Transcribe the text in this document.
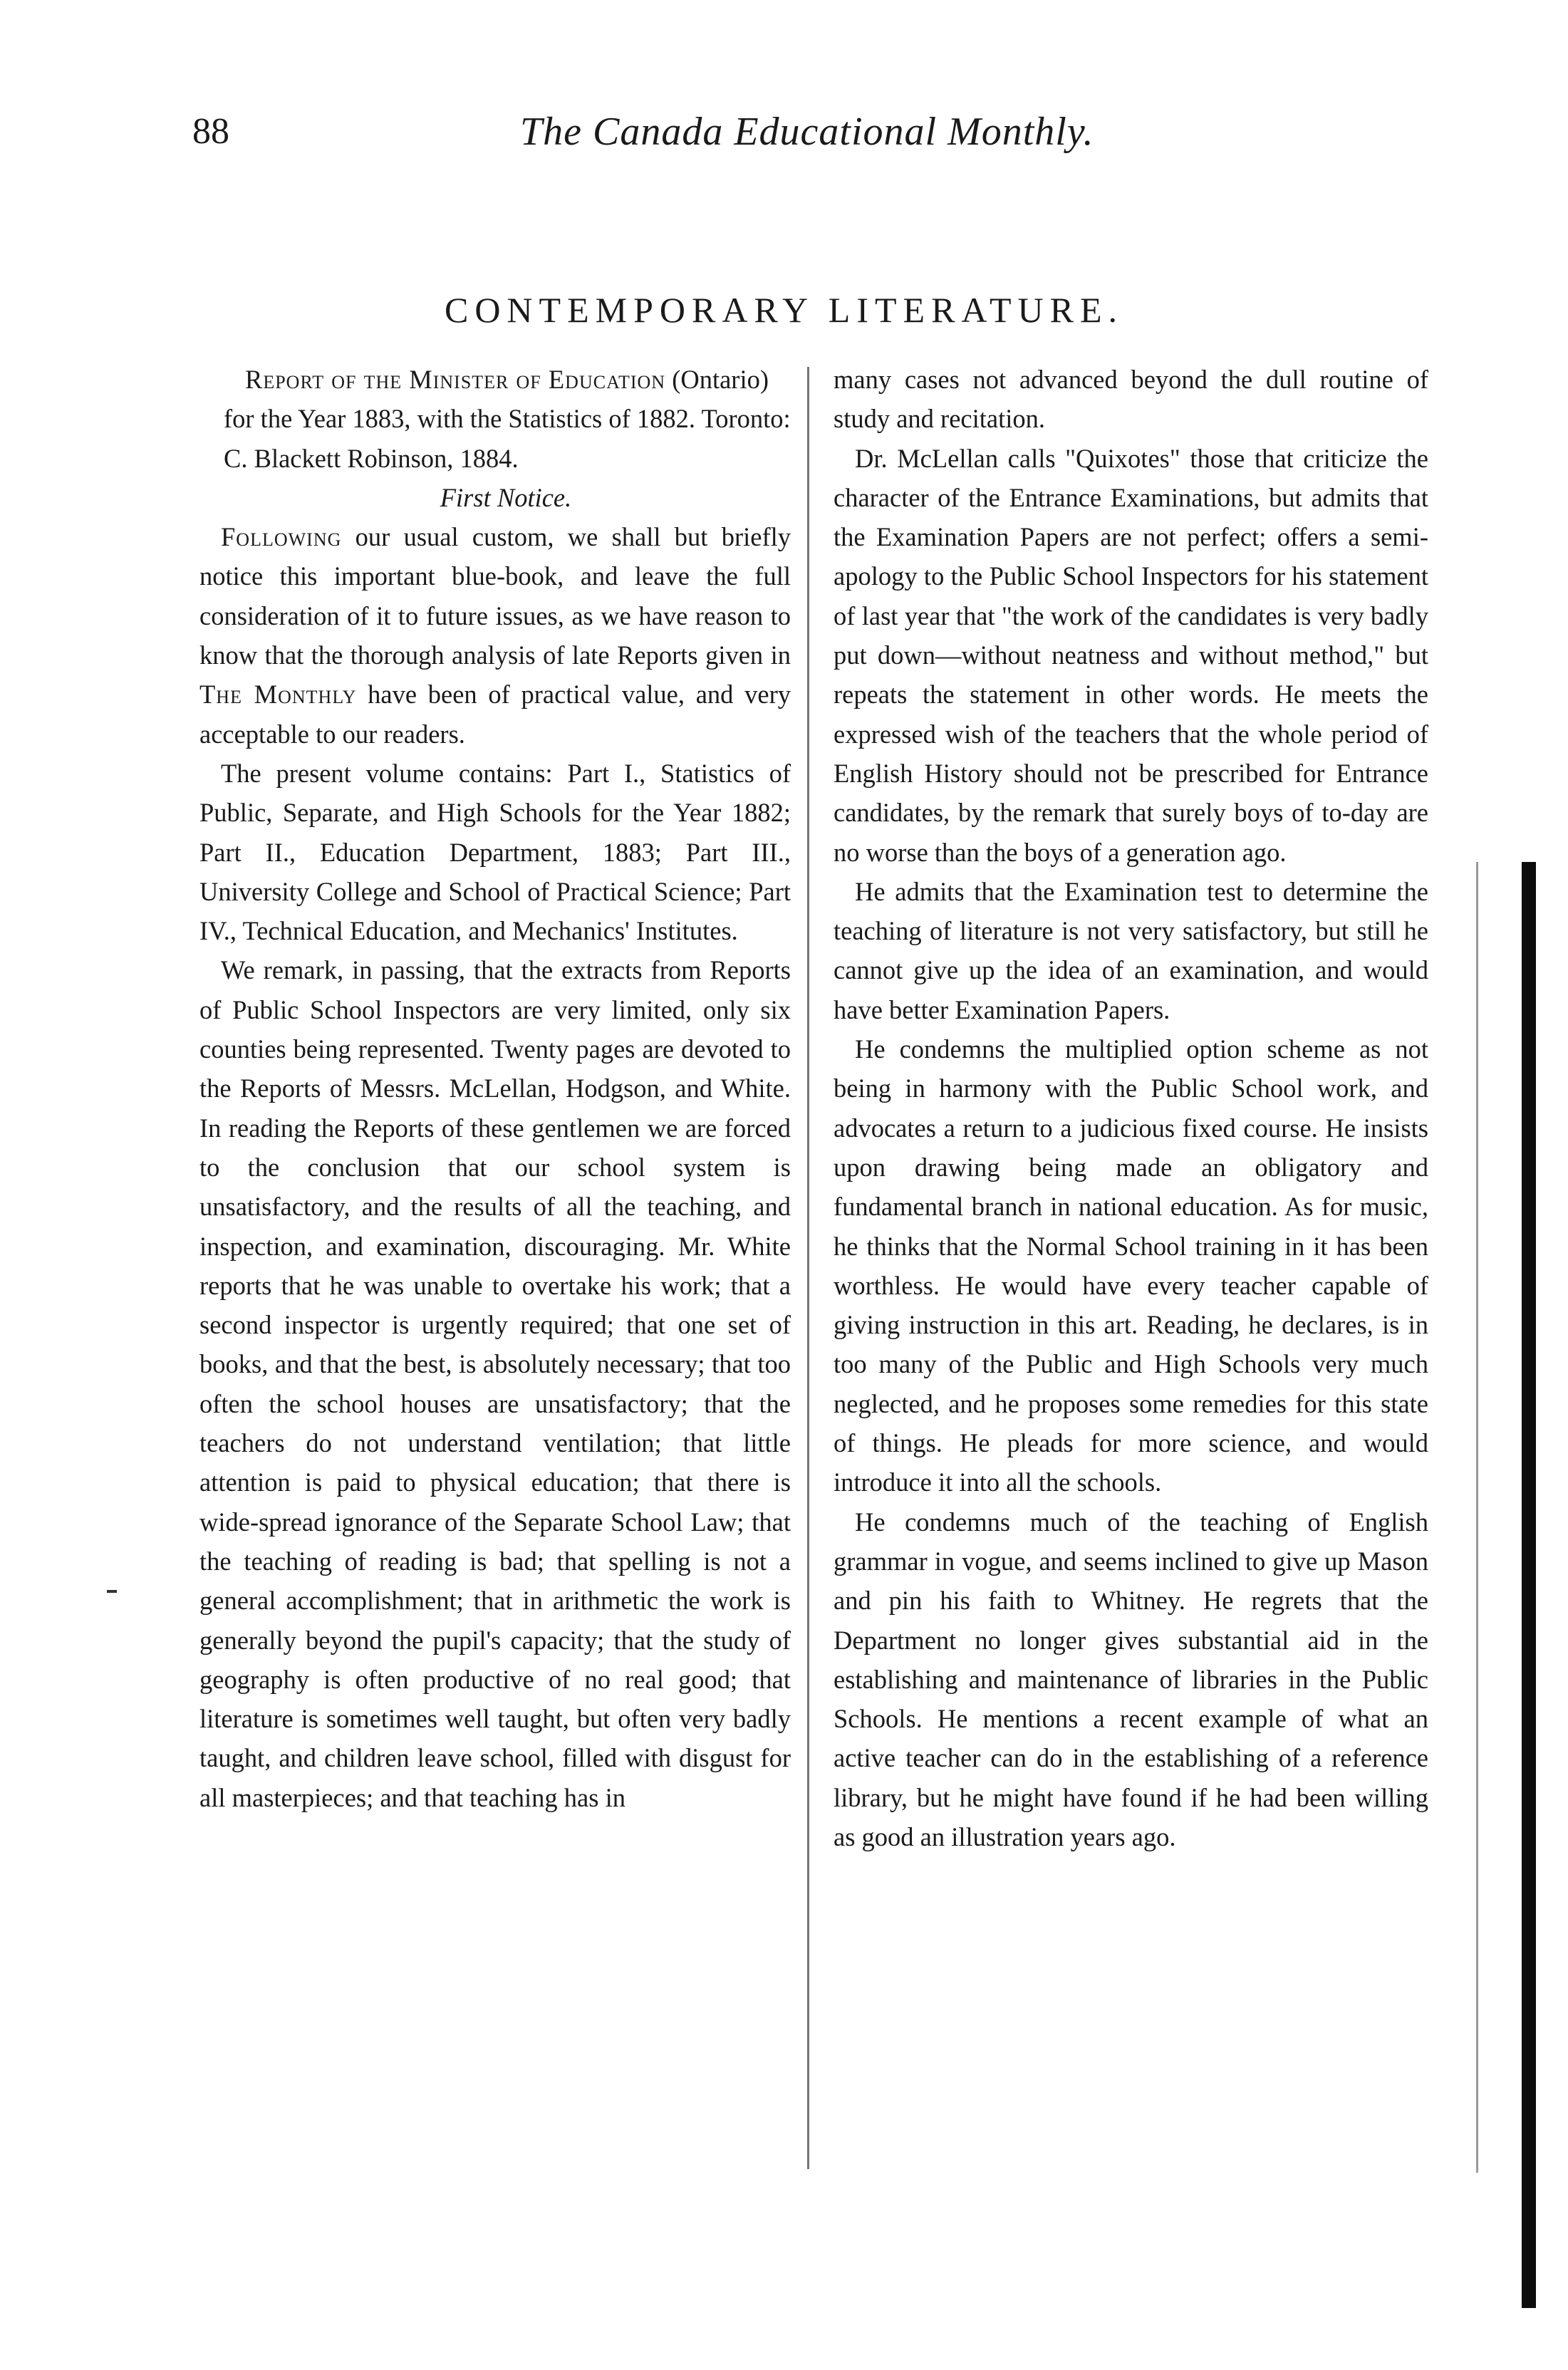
88	The Canada Educational Monthly.
CONTEMPORARY LITERATURE.

Report of the Minister of Education (Ontario) for the Year 1883, with the Statistics of 1882. Toronto: C. Blackett Robinson, 1884.

First Notice.

Following our usual custom, we shall but briefly notice this important blue-book, and leave the full consideration of it to future issues, as we have reason to know that the thorough analysis of late Reports given in The Monthly have been of practical value, and very acceptable to our readers.

The present volume contains: Part I., Statistics of Public, Separate, and High Schools for the Year 1882; Part II., Education Department, 1883; Part III., University College and School of Practical Science; Part IV., Technical Education, and Mechanics' Institutes.

We remark, in passing, that the extracts from Reports of Public School Inspectors are very limited, only six counties being represented. Twenty pages are devoted to the Reports of Messrs. McLellan, Hodgson, and White. In reading the Reports of these gentlemen we are forced to the conclusion that our school system is unsatisfactory, and the results of all the teaching, and inspection, and examination, discouraging. Mr. White reports that he was unable to overtake his work; that a second inspector is urgently required; that one set of books, and that the best, is absolutely necessary; that too often the school houses are unsatisfactory; that the teachers do not understand ventilation; that little attention is paid to physical education; that there is wide-spread ignorance of the Separate School Law; that the teaching of reading is bad; that spelling is not a general accomplishment; that in arithmetic the work is generally beyond the pupil's capacity; that the study of geography is often productive of no real good; that literature is sometimes well taught, but often very badly taught, and children leave school, filled with disgust for all masterpieces; and that teaching has in

many cases not advanced beyond the dull routine of study and recitation.

Dr. McLellan calls "Quixotes" those that criticize the character of the Entrance Examinations, but admits that the Examination Papers are not perfect; offers a semi-apology to the Public School Inspectors for his statement of last year that "the work of the candidates is very badly put down—without neatness and without method," but repeats the statement in other words. He meets the expressed wish of the teachers that the whole period of English History should not be prescribed for Entrance candidates, by the remark that surely boys of to-day are no worse than the boys of a generation ago.

He admits that the Examination test to determine the teaching of literature is not very satisfactory, but still he cannot give up the idea of an examination, and would have better Examination Papers.

He condemns the multiplied option scheme as not being in harmony with the Public School work, and advocates a return to a judicious fixed course. He insists upon drawing being made an obligatory and fundamental branch in national education. As for music, he thinks that the Normal School training in it has been worthless. He would have every teacher capable of giving instruction in this art. Reading, he declares, is in too many of the Public and High Schools very much neglected, and he proposes some remedies for this state of things. He pleads for more science, and would introduce it into all the schools.

He condemns much of the teaching of English grammar in vogue, and seems inclined to give up Mason and pin his faith to Whitney. He regrets that the Department no longer gives substantial aid in the establishing and maintenance of libraries in the Public Schools. He mentions a recent example of what an active teacher can do in the establishing of a reference library, but he might have found if he had been willing as good an illustration years ago.
